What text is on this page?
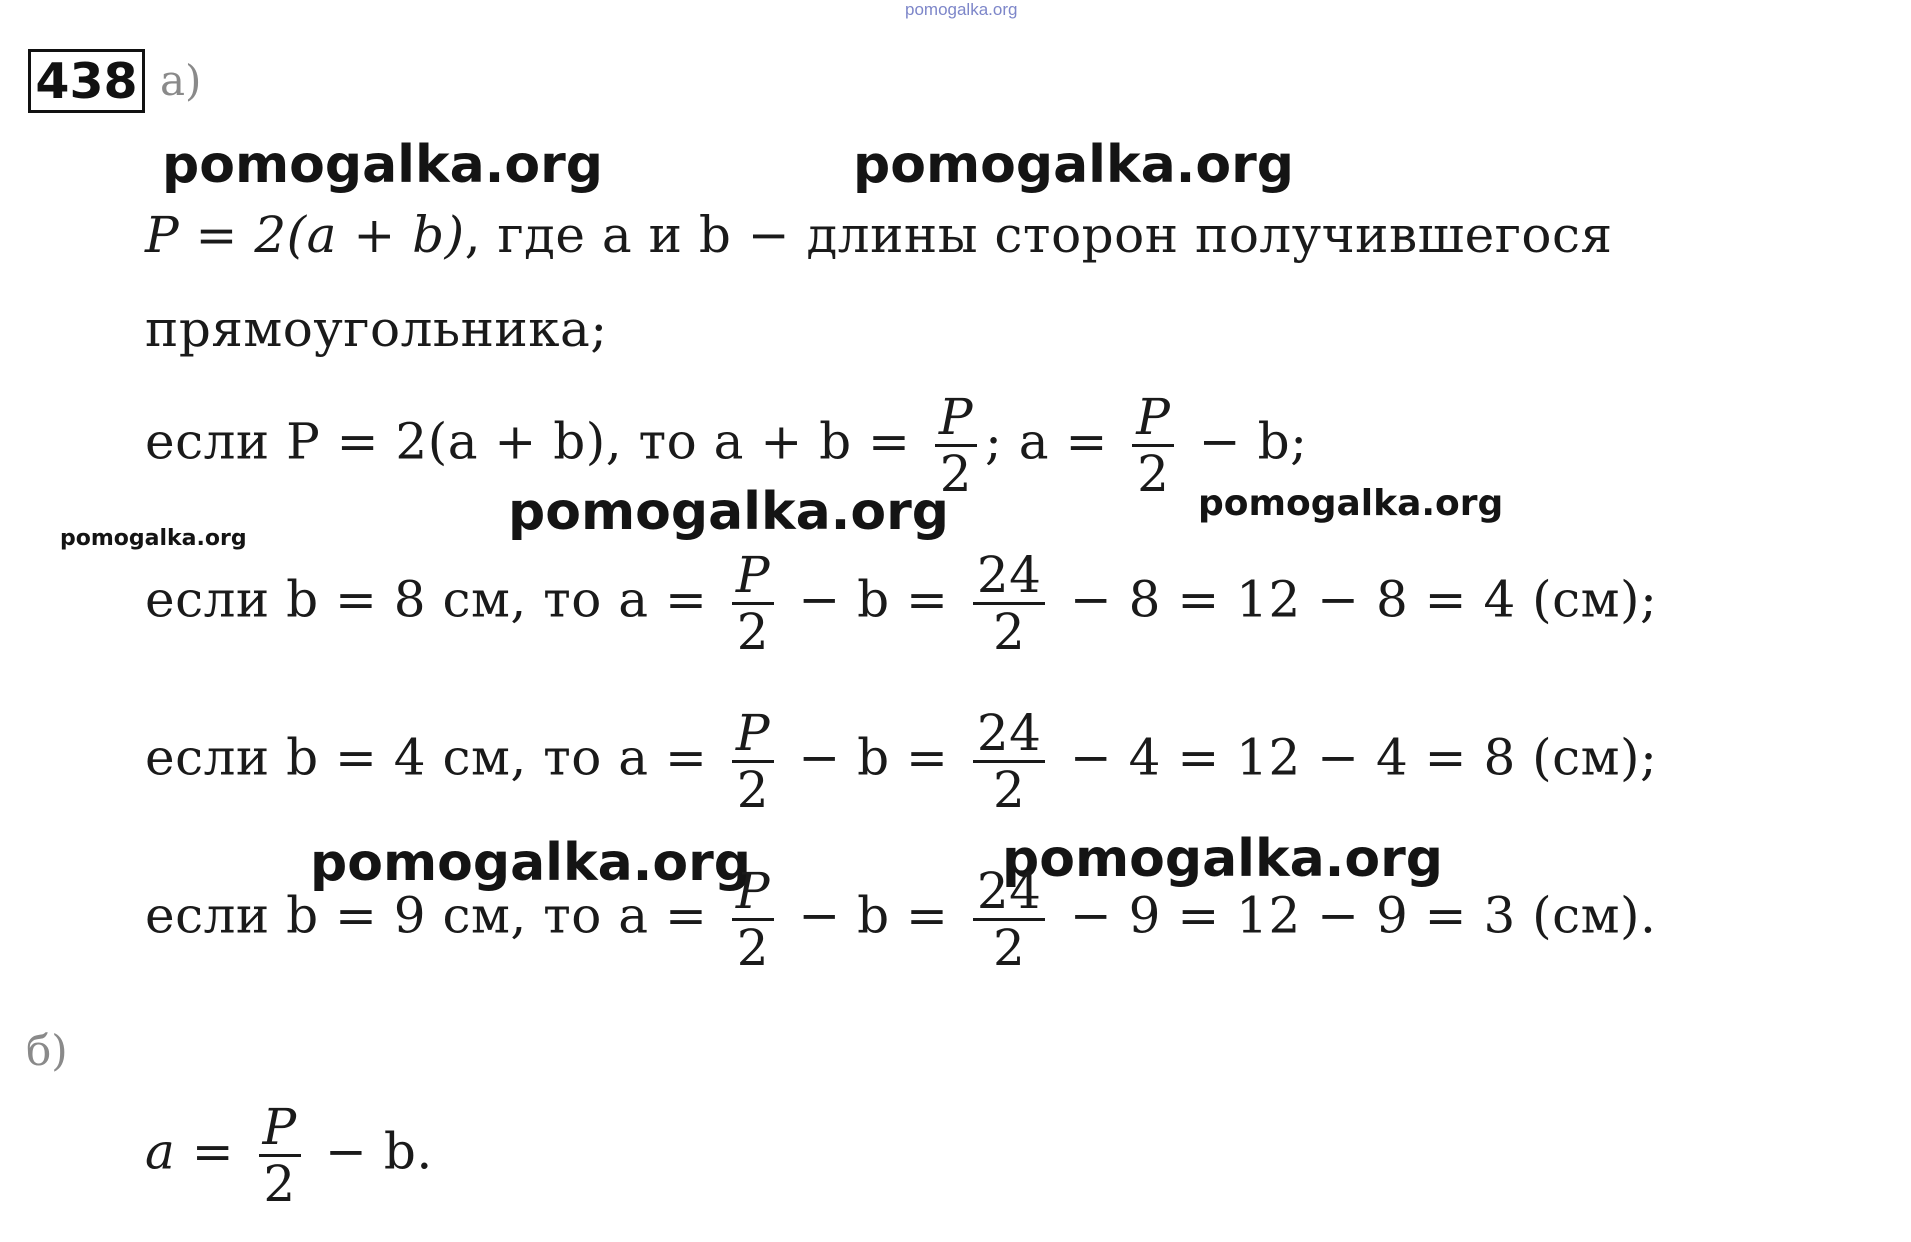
pomogalka.org
438 а)
pomogalka.org	pomogalka.org
P = 2(a + b), где a и b − длины сторон получившегося
прямоугольника;
если P = 2(a + b), то $a + b = \frac{P}{2}$ ; $a = \frac{P}{2} - b$;
pomogalka.org	pomogalka.org
pomogalka.org
если b = 8 см, то $a = \frac{P}{2} - b = \frac{24}{2} - 8 = 12 - 8 = 4$ (см);
если b = 4 см, то $a = \frac{P}{2} - b = \frac{24}{2} - 4 = 12 - 4 = 8$ (см);
pomogalka.org	pomogalka.org
если b = 9 см, то $a = \frac{P}{2} - b = \frac{24}{2} - 9 = 12 - 9 = 3$ (см).
б)
$a = \frac{P}{2} - b$.
